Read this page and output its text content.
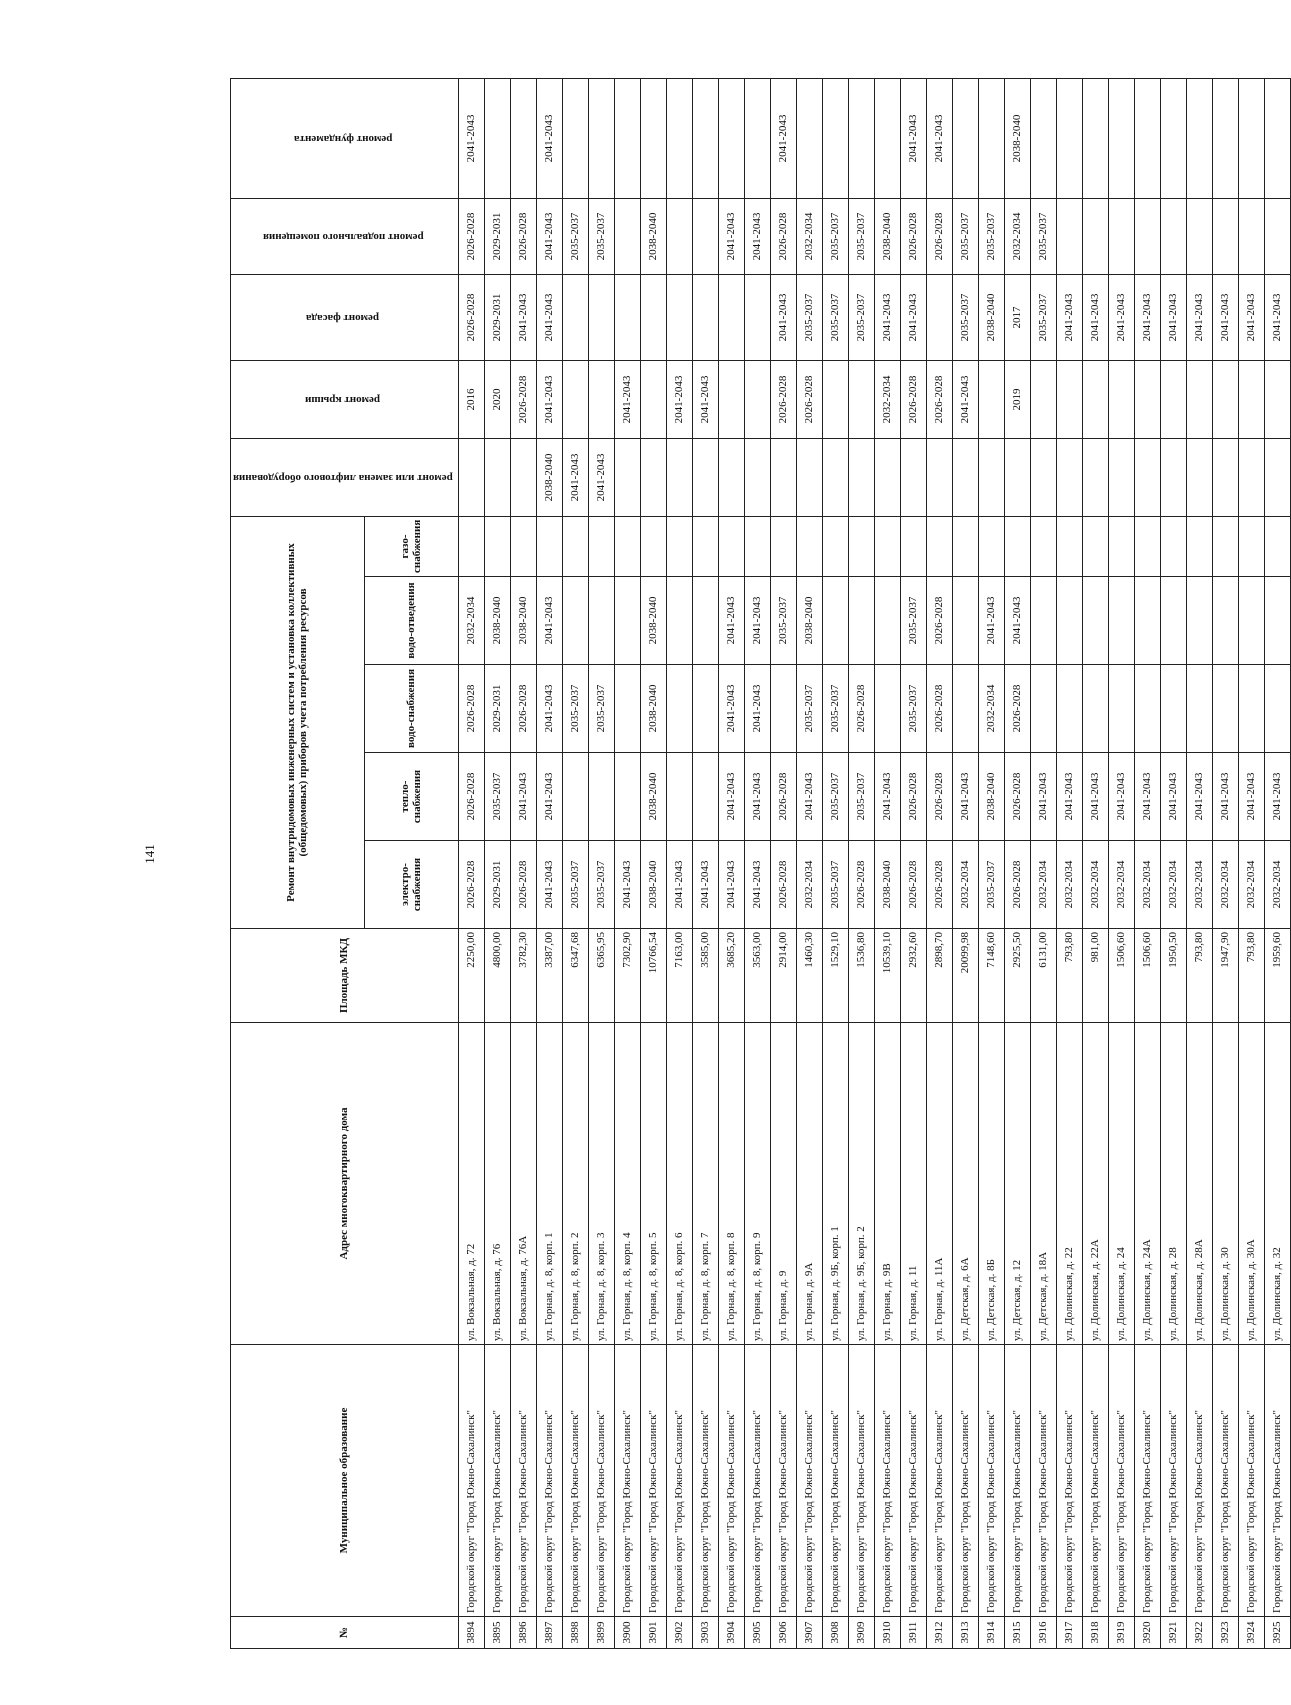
141
№	Муниципальное образование	Адрес многоквартирного дома	Площадь МКД	Ремонт внутридомовых инженерных систем и установка коллективных (общедомовых) приборов учета потребления ресурсов					ремонт или замена лифтового оборудования	ремонт крыши	ремонт фасада	ремонт подвального помещения	ремонт фундамента
				электро-снабжения	тепло-снабжения	водо-снабжения	водо-отведения	газо-снабжения					
3894	Городской округ "Город Южно-Сахалинск"	ул. Вокзальная, д. 72	2250,00	2026-2028	2026-2028	2026-2028	2032-2034			2016	2026-2028	2026-2028	2041-2043
3895	Городской округ "Город Южно-Сахалинск"	ул. Вокзальная, д. 76	4800,00	2029-2031	2035-2037	2029-2031	2038-2040			2020	2029-2031	2029-2031	
3896	Городской округ "Город Южно-Сахалинск"	ул. Вокзальная, д. 76А	3782,30	2026-2028	2041-2043	2026-2028	2038-2040			2026-2028	2041-2043	2026-2028	
3897	Городской округ "Город Южно-Сахалинск"	ул. Горная, д. 8, корп. 1	3387,00	2041-2043	2041-2043	2041-2043	2041-2043		2038-2040	2041-2043	2041-2043	2041-2043	2041-2043
3898	Городской округ "Город Южно-Сахалинск"	ул. Горная, д. 8, корп. 2	6347,68	2035-2037		2035-2037			2041-2043			2035-2037	
3899	Городской округ "Город Южно-Сахалинск"	ул. Горная, д. 8, корп. 3	6365,95	2035-2037		2035-2037			2041-2043			2035-2037	
3900	Городской округ "Город Южно-Сахалинск"	ул. Горная, д. 8, корп. 4	7302,90	2041-2043						2041-2043			
3901	Городской округ "Город Южно-Сахалинск"	ул. Горная, д. 8, корп. 5	10766,54	2038-2040	2038-2040	2038-2040	2038-2040					2038-2040	
3902	Городской округ "Город Южно-Сахалинск"	ул. Горная, д. 8, корп. 6	7163,00	2041-2043						2041-2043			
3903	Городской округ "Город Южно-Сахалинск"	ул. Горная, д. 8, корп. 7	3585,00	2041-2043						2041-2043			
3904	Городской округ "Город Южно-Сахалинск"	ул. Горная, д. 8, корп. 8	3685,20	2041-2043	2041-2043	2041-2043	2041-2043					2041-2043	
3905	Городской округ "Город Южно-Сахалинск"	ул. Горная, д. 8, корп. 9	3563,00	2041-2043	2041-2043	2041-2043	2041-2043					2041-2043	
3906	Городской округ "Город Южно-Сахалинск"	ул. Горная, д. 9	2914,00	2026-2028	2026-2028		2035-2037			2026-2028	2041-2043	2026-2028	2041-2043
3907	Городской округ "Город Южно-Сахалинск"	ул. Горная, д. 9А	1460,30	2032-2034	2041-2043	2035-2037	2038-2040			2026-2028	2035-2037	2032-2034	
3908	Городской округ "Город Южно-Сахалинск"	ул. Горная, д. 9Б, корп. 1	1529,10	2035-2037	2035-2037	2035-2037					2035-2037	2035-2037	
3909	Городской округ "Город Южно-Сахалинск"	ул. Горная, д. 9Б, корп. 2	1536,80	2026-2028	2035-2037	2026-2028					2035-2037	2035-2037	
3910	Городской округ "Город Южно-Сахалинск"	ул. Горная, д. 9В	10539,10	2038-2040	2041-2043					2032-2034	2041-2043	2038-2040	
3911	Городской округ "Город Южно-Сахалинск"	ул. Горная, д. 11	2932,60	2026-2028	2026-2028	2035-2037	2035-2037			2026-2028	2041-2043	2026-2028	2041-2043
3912	Городской округ "Город Южно-Сахалинск"	ул. Горная, д. 11А	2898,70	2026-2028	2026-2028	2026-2028	2026-2028			2026-2028		2026-2028	2041-2043
3913	Городской округ "Город Южно-Сахалинск"	ул. Детская, д. 6А	20099,98	2032-2034	2041-2043					2041-2043	2035-2037	2035-2037	
3914	Городской округ "Город Южно-Сахалинск"	ул. Детская, д. 8Б	7148,60	2035-2037	2038-2040	2032-2034	2041-2043				2038-2040	2035-2037	
3915	Городской округ "Город Южно-Сахалинск"	ул. Детская, д. 12	2925,50	2026-2028	2026-2028	2026-2028	2041-2043			2019	2017	2032-2034	2038-2040
3916	Городской округ "Город Южно-Сахалинск"	ул. Детская, д. 18А	6131,00	2032-2034	2041-2043						2035-2037	2035-2037	
3917	Городской округ "Город Южно-Сахалинск"	ул. Долинская, д. 22	793,80	2032-2034	2041-2043						2041-2043		
3918	Городской округ "Город Южно-Сахалинск"	ул. Долинская, д. 22А	981,00	2032-2034	2041-2043						2041-2043		
3919	Городской округ "Город Южно-Сахалинск"	ул. Долинская, д. 24	1506,60	2032-2034	2041-2043						2041-2043		
3920	Городской округ "Город Южно-Сахалинск"	ул. Долинская, д. 24А	1506,60	2032-2034	2041-2043						2041-2043		
3921	Городской округ "Город Южно-Сахалинск"	ул. Долинская, д. 28	1950,50	2032-2034	2041-2043						2041-2043		
3922	Городской округ "Город Южно-Сахалинск"	ул. Долинская, д. 28А	793,80	2032-2034	2041-2043						2041-2043		
3923	Городской округ "Город Южно-Сахалинск"	ул. Долинская, д. 30	1947,90	2032-2034	2041-2043						2041-2043		
3924	Городской округ "Город Южно-Сахалинск"	ул. Долинская, д. 30А	793,80	2032-2034	2041-2043						2041-2043		
3925	Городской округ "Город Южно-Сахалинск"	ул. Долинская, д. 32	1959,60	2032-2034	2041-2043						2041-2043		
